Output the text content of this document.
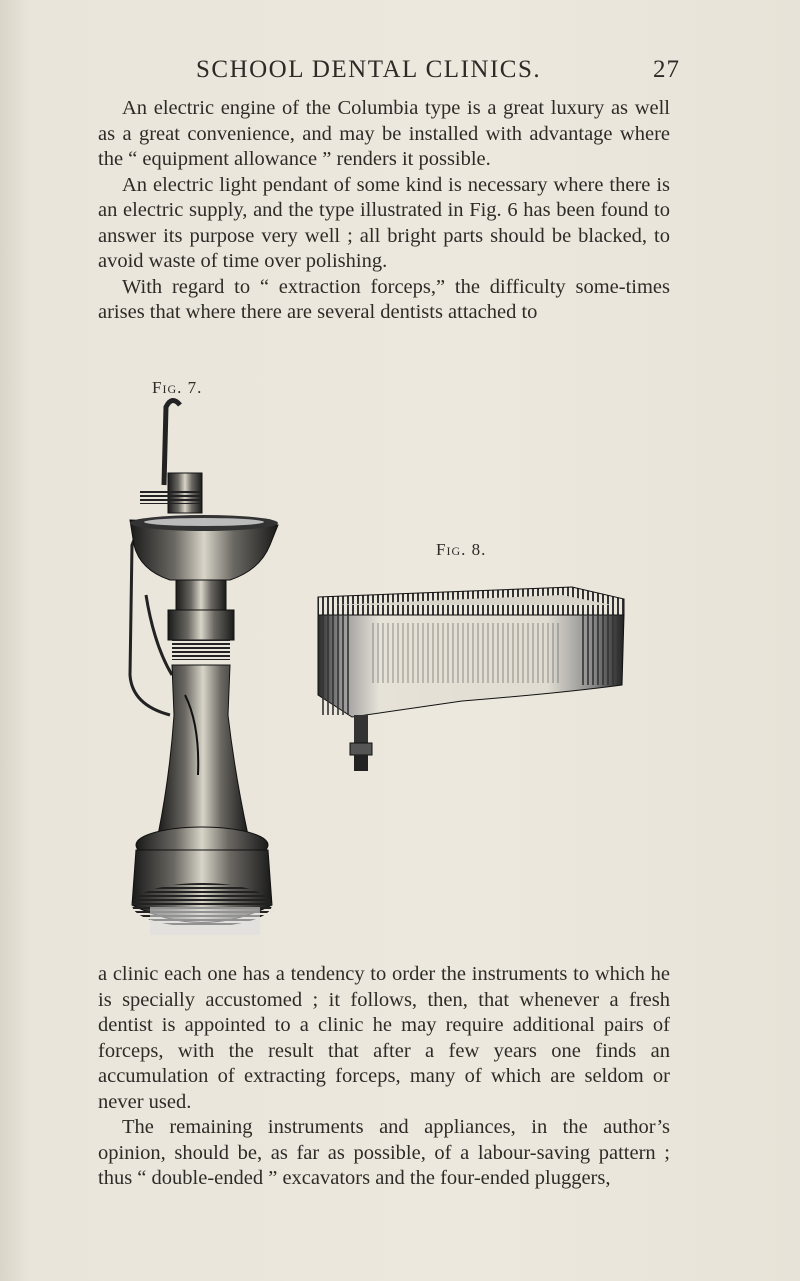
SCHOOL DENTAL CLINICS.	27

An electric engine of the Columbia type is a great luxury as well as a great convenience, and may be installed with advantage where the “ equipment allowance ” renders it possible.

An electric light pendant of some kind is necessary where there is an electric supply, and the type illustrated in Fig. 6 has been found to answer its purpose very well ; all bright parts should be blacked, to avoid waste of time over polishing.

With regard to “ extraction forceps,” the difficulty some-times arises that where there are several dentists attached to

Fig. 7.
Fig. 8.

a clinic each one has a tendency to order the instruments to which he is specially accustomed ; it follows, then, that whenever a fresh dentist is appointed to a clinic he may require additional pairs of forceps, with the result that after a few years one finds an accumulation of extracting forceps, many of which are seldom or never used.

The remaining instruments and appliances, in the author’s opinion, should be, as far as possible, of a labour-saving pattern ; thus “ double-ended ” excavators and the four-ended pluggers,
